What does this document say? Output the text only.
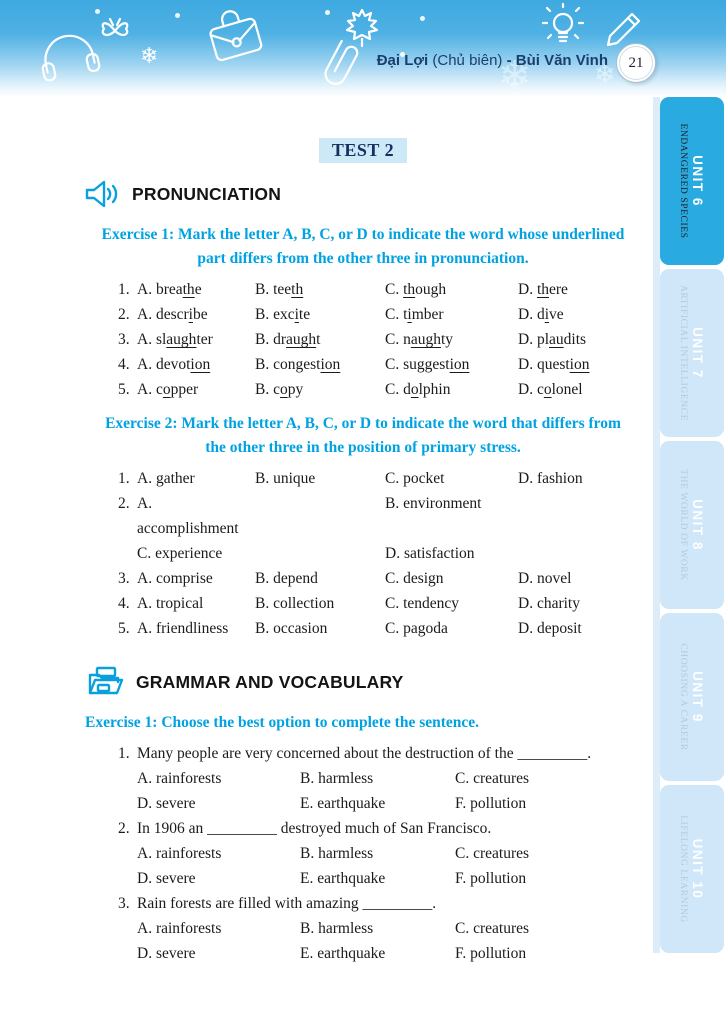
❄	❄ ❄
Đại Lợi (Chủ biên) - Bùi Văn Vinh 21
UNIT 6
ENDANGERED SPECIES
UNIT 7
ARTIFICIAL INTELLIGENCE
UNIT 8
THE WORLD OF WORK
UNIT 9
CHOOSING A CAREER
UNIT 10
LIFELONG LEARNING
TEST 2
PRONUNCIATION
Exercise 1: Mark the letter A, B, C, or D to indicate the word whose underlined
part differs from the other three in pronunciation.
1. A. breathe	B. teeth	C. though	D. there
2. A. describe	B. excite	C. timber	D. dive
3. A. slaughter	B. draught	C. naughty	D. plaudits
4. A. devotion	B. congestion	C. suggestion	D. question
5. A. copper	B. copy	C. dolphin	D. colonel
Exercise 2: Mark the letter A, B, C, or D to indicate the word that differs from
the other three in the position of primary stress.
1. A. gather	B. unique	C. pocket	D. fashion
2. A. accomplishment
B. environment
C. experience	D. satisfaction
3. A. comprise	B. depend	C. design	D. novel
4. A. tropical	B. collection	C. tendency	D. charity
5. A. friendliness	B. occasion	C. pagoda	D. deposit
GRAMMAR AND VOCABULARY
Exercise 1: Choose the best option to complete the sentence.
1. Many people are very concerned about the destruction of the _________.
A. rainforests	B. harmless	C. creatures
D. severe	E. earthquake	F. pollution
2. In 1906 an _________ destroyed much of San Francisco.
A. rainforests	B. harmless	C. creatures
D. severe	E. earthquake	F. pollution
3. Rain forests are filled with amazing _________.
A. rainforests	B. harmless	C. creatures
D. severe	E. earthquake	F. pollution
